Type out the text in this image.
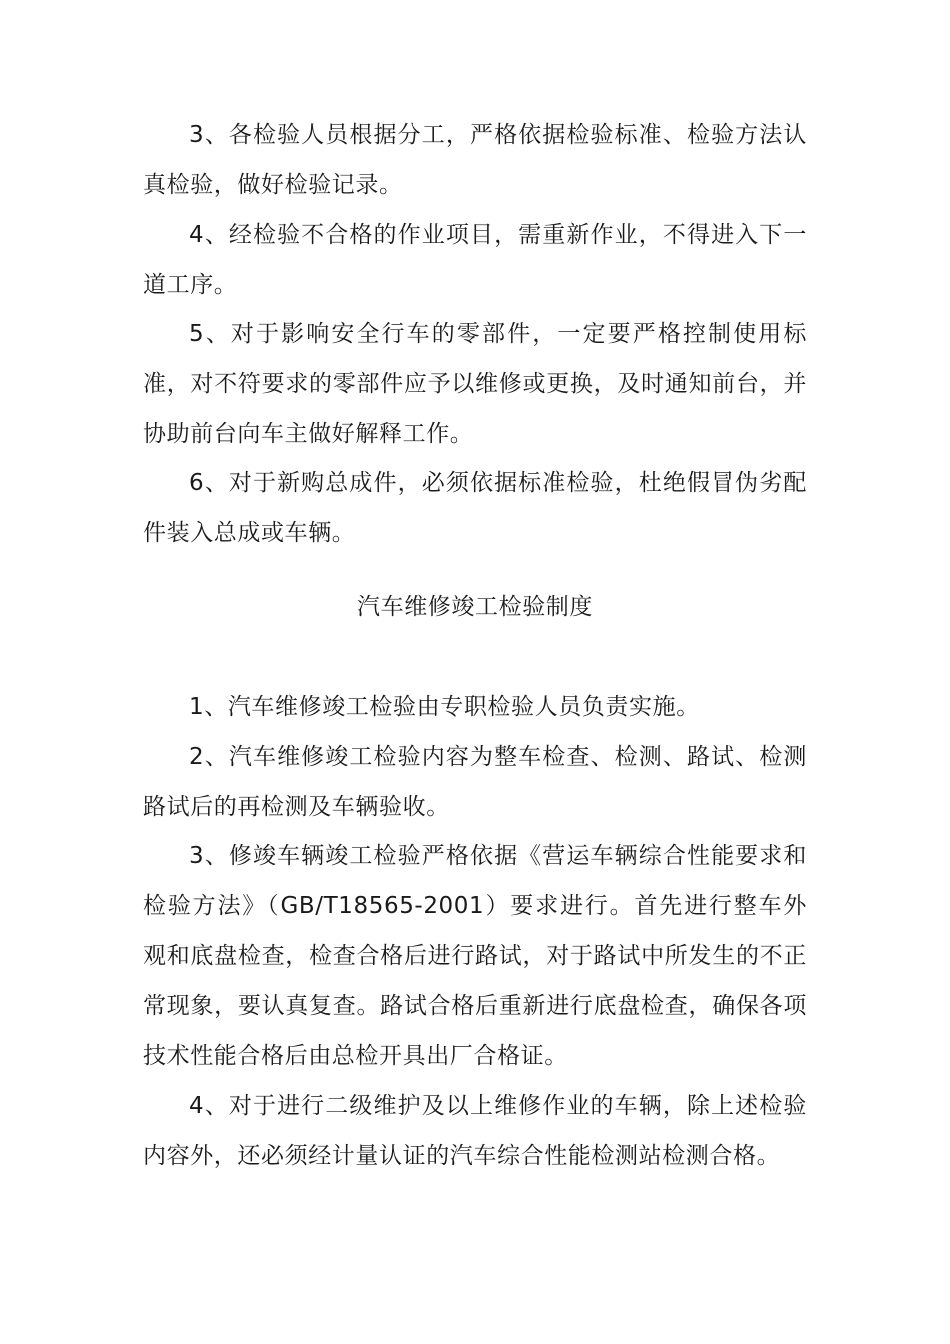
3、各检验人员根据分工，严格依据检验标准、检验方法认真检验，做好检验记录。

4、经检验不合格的作业项目，需重新作业，不得进入下一道工序。

5、对于影响安全行车的零部件，一定要严格控制使用标准，对不符要求的零部件应予以维修或更换，及时通知前台，并协助前台向车主做好解释工作。

6、对于新购总成件，必须依据标准检验，杜绝假冒伪劣配件装入总成或车辆。

汽车维修竣工检验制度

1、汽车维修竣工检验由专职检验人员负责实施。

2、汽车维修竣工检验内容为整车检查、检测、路试、检测路试后的再检测及车辆验收。

3、修竣车辆竣工检验严格依据《营运车辆综合性能要求和检验方法》（GB/T18565-2001）要求进行。首先进行整车外观和底盘检查，检查合格后进行路试，对于路试中所发生的不正常现象，要认真复查。路试合格后重新进行底盘检查，确保各项技术性能合格后由总检开具出厂合格证。

4、对于进行二级维护及以上维修作业的车辆，除上述检验内容外，还必须经计量认证的汽车综合性能检测站检测合格。
